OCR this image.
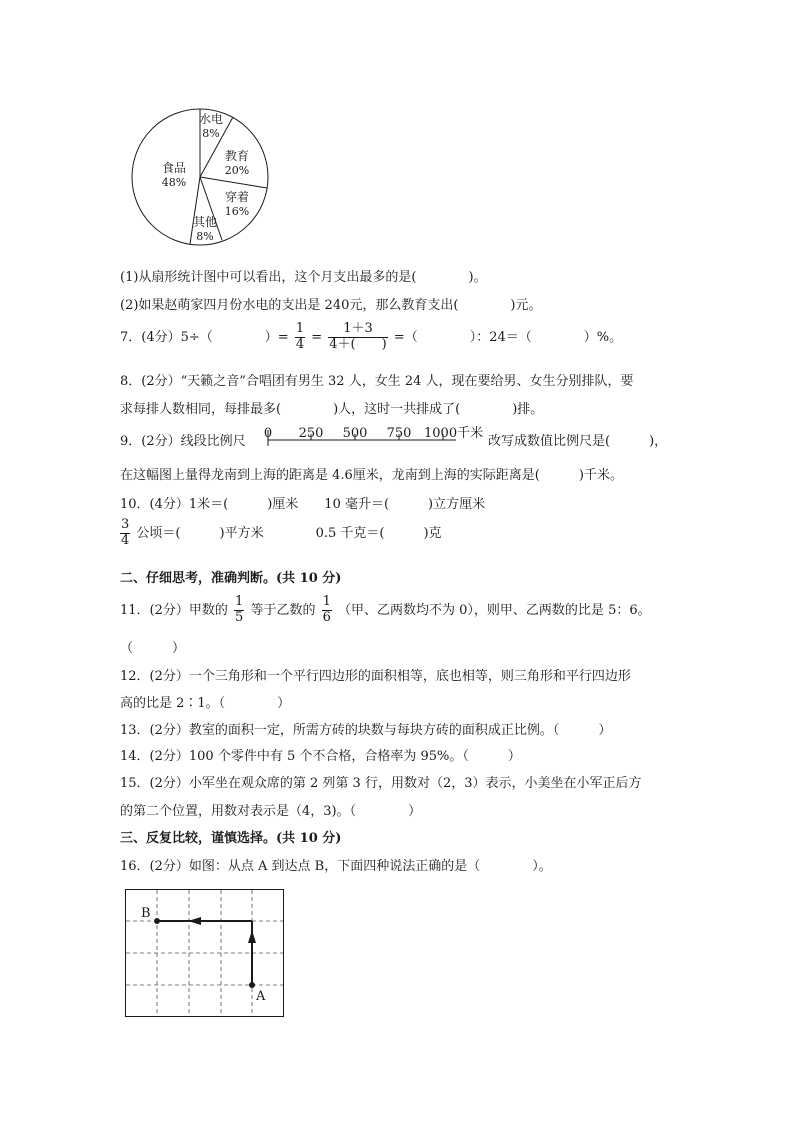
水电
8%
教育
20%
穿着
16%
其他
8%
食品
48%
(1)从扇形统计图中可以看出，这个月支出最多的是(　　　　)。
(2)如果赵萌家四月份水电的支出是 240元，那么教育支出(　　　　)元。
7．(4分）5÷（　　　　）= $\frac{1}{4} = \frac{1+3}{4+( )}$ =（　　　　）：24＝（　　　　）%。
8．(2分）“天籁之音”合唱团有男生 32 人，女生 24 人，现在要给男、女生分别排队，要
求每排人数相同，每排最多(　　　　)人，这时一共排成了(　　　　)排。
9．(2分）线段比例尺
0 250 500 750 1000千米
改写成数值比例尺是(　　　)，
在这幅图上量得龙南到上海的距离是 4.6厘米，龙南到上海的实际距离是(　　　)千米。
10．(4分）1米＝(　　　)厘米　　10 毫升＝(　　　)立方厘米
$\frac{3}{4}$ 公顷＝(　　　)平方米　　　　0.5 千克＝(　　　)克
二、仔细思考，准确判断。(共 10 分)
11．(2分）甲数的 $\frac{1}{5}$ 等于乙数的 $\frac{1}{6}$ （甲、乙两数均不为 0），则甲、乙两数的比是 5：6。
（　　　）
12．(2分）一个三角形和一个平行四边形的面积相等，底也相等，则三角形和平行四边形
高的比是 2∶1。（　　　　）
13．(2分）教室的面积一定，所需方砖的块数与每块方砖的面积成正比例。（　　　）
14．(2分）100 个零件中有 5 个不合格，合格率为 95%。（　　　）
15．(2分）小军坐在观众席的第 2 列第 3 行，用数对（2，3）表示，小美坐在小军正后方
的第二个位置，用数对表示是（4，3)。（　　　　）
三、反复比较，谨慎选择。(共 10 分)
16．(2分）如图：从点 A 到达点 B，下面四种说法正确的是（　　　　）。
B
A
